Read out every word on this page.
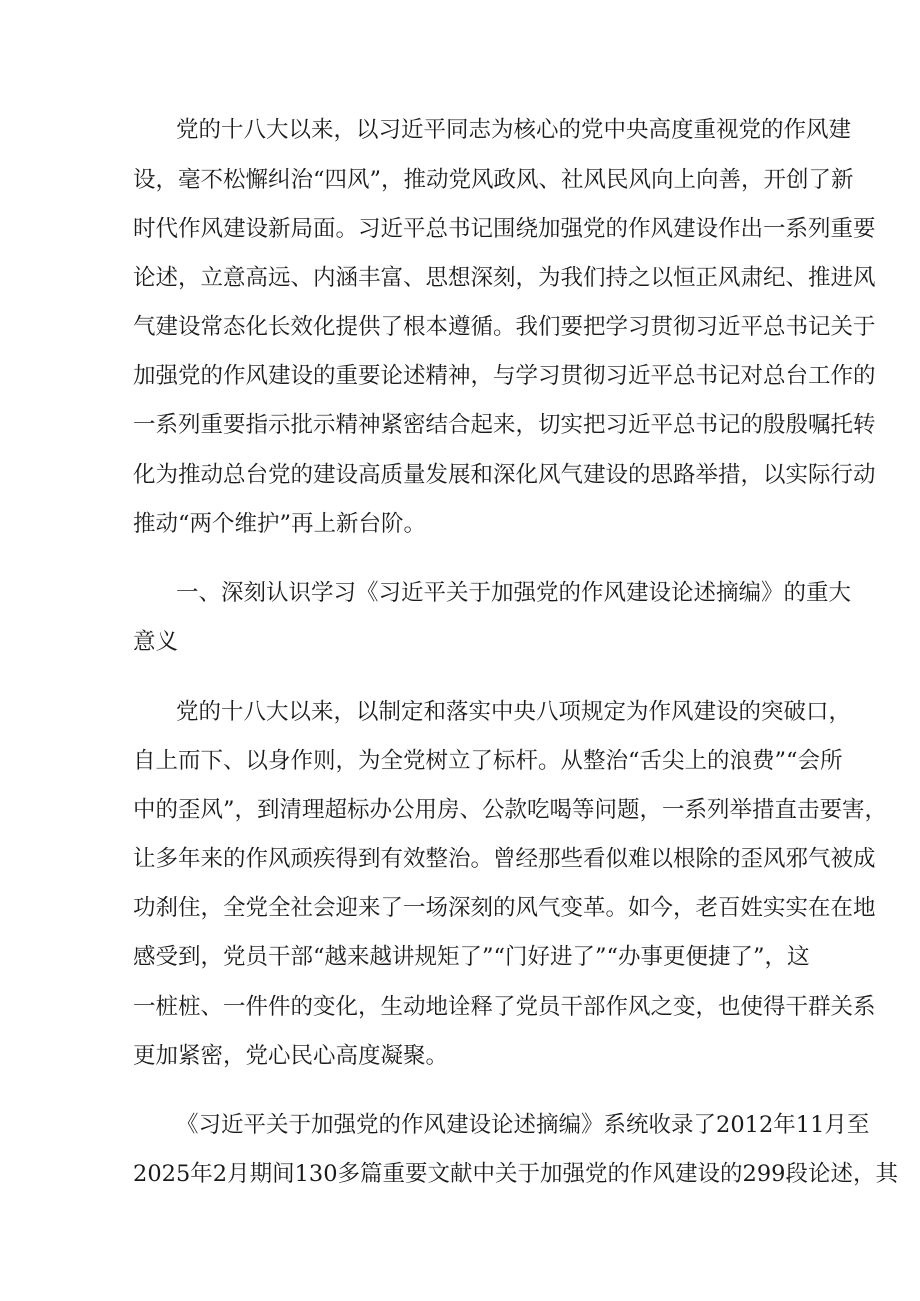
党的十八大以来，以习近平同志为核心的党中央高度重视党的作风建
设，毫不松懈纠治“四风”，推动党风政风、社风民风向上向善，开创了新
时代作风建设新局面。习近平总书记围绕加强党的作风建设作出一系列重要
论述，立意高远、内涵丰富、思想深刻，为我们持之以恒正风肃纪、推进风
气建设常态化长效化提供了根本遵循。我们要把学习贯彻习近平总书记关于
加强党的作风建设的重要论述精神，与学习贯彻习近平总书记对总台工作的
一系列重要指示批示精神紧密结合起来，切实把习近平总书记的殷殷嘱托转
化为推动总台党的建设高质量发展和深化风气建设的思路举措，以实际行动
推动“两个维护”再上新台阶。
一、深刻认识学习《习近平关于加强党的作风建设论述摘编》的重大
意义
党的十八大以来，以制定和落实中央八项规定为作风建设的突破口，
自上而下、以身作则，为全党树立了标杆。从整治“舌尖上的浪费”“会所
中的歪风”，到清理超标办公用房、公款吃喝等问题，一系列举措直击要害，
让多年来的作风顽疾得到有效整治。曾经那些看似难以根除的歪风邪气被成
功刹住，全党全社会迎来了一场深刻的风气变革。如今，老百姓实实在在地
感受到，党员干部“越来越讲规矩了”“门好进了”“办事更便捷了”，这
一桩桩、一件件的变化，生动地诠释了党员干部作风之变，也使得干群关系
更加紧密，党心民心高度凝聚。
《习近平关于加强党的作风建设论述摘编》系统收录了2012年11月至
2025年2月期间130多篇重要文献中关于加强党的作风建设的299段论述，其
